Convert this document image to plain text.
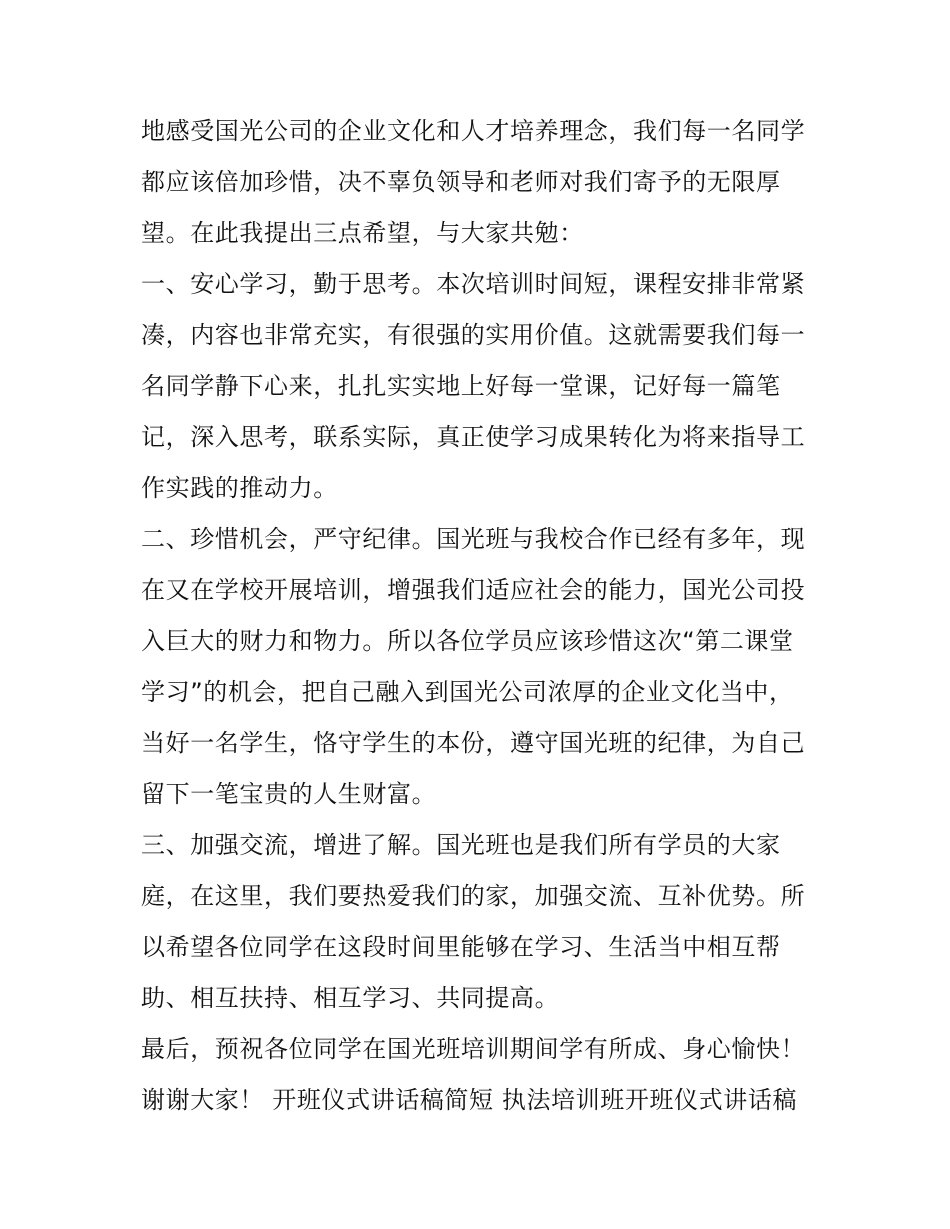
地感受国光公司的企业文化和人才培养理念，我们每一名同学
都应该倍加珍惜，决不辜负领导和老师对我们寄予的无限厚
望。在此我提出三点希望，与大家共勉：
一、安心学习，勤于思考。本次培训时间短，课程安排非常紧
凑，内容也非常充实，有很强的实用价值。这就需要我们每一
名同学静下心来，扎扎实实地上好每一堂课，记好每一篇笔
记，深入思考，联系实际，真正使学习成果转化为将来指导工
作实践的推动力。
二、珍惜机会，严守纪律。国光班与我校合作已经有多年，现
在又在学校开展培训，增强我们适应社会的能力，国光公司投
入巨大的财力和物力。所以各位学员应该珍惜这次“第二课堂
学习”的机会，把自己融入到国光公司浓厚的企业文化当中，
当好一名学生，恪守学生的本份，遵守国光班的纪律，为自己
留下一笔宝贵的人生财富。
三、加强交流，增进了解。国光班也是我们所有学员的大家
庭，在这里，我们要热爱我们的家，加强交流、互补优势。所
以希望各位同学在这段时间里能够在学习、生活当中相互帮
助、相互扶持、相互学习、共同提高。
最后，预祝各位同学在国光班培训期间学有所成、身心愉快！
谢谢大家！ 开班仪式讲话稿简短 执法培训班开班仪式讲话稿
